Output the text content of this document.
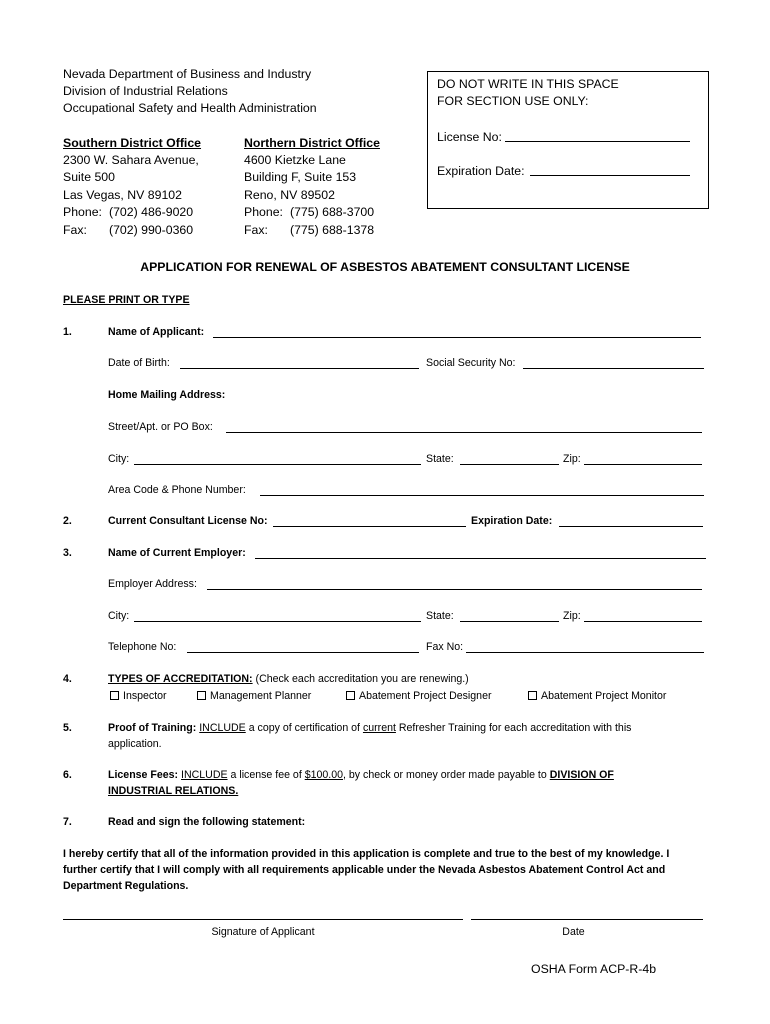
Nevada Department of Business and Industry
Division of Industrial Relations
Occupational Safety and Health Administration
Southern District Office
2300 W. Sahara Avenue,
Suite 500
Las Vegas, NV 89102
Phone: (702) 486-9020
Fax: (702) 990-0360
Northern District Office
4600 Kietzke Lane
Building F, Suite 153
Reno, NV 89502
Phone: (775) 688-3700
Fax: (775) 688-1378
DO NOT WRITE IN THIS SPACE
FOR SECTION USE ONLY:
License No:
Expiration Date:
APPLICATION FOR RENEWAL OF ASBESTOS ABATEMENT CONSULTANT LICENSE
PLEASE PRINT OR TYPE
1.	Name of Applicant:
Date of Birth:	Social Security No:
Home Mailing Address:
Street/Apt. or PO Box:
City:	State:	Zip:
Area Code & Phone Number:
2.	Current Consultant License No:	Expiration Date:
3.	Name of Current Employer:
Employer Address:
City:	State:	Zip:
Telephone No:	Fax No:
4.	TYPES OF ACCREDITATION: (Check each accreditation you are renewing.)
Inspector	Management Planner	Abatement Project Designer	Abatement Project Monitor
5.	Proof of Training: INCLUDE a copy of certification of current Refresher Training for each accreditation with this
application.
6.	License Fees: INCLUDE a license fee of $100.00, by check or money order made payable to DIVISION OF
INDUSTRIAL RELATIONS.
7.	Read and sign the following statement:
I hereby certify that all of the information provided in this application is complete and true to the best of my knowledge. I
further certify that I will comply with all requirements applicable under the Nevada Asbestos Abatement Control Act and
Department Regulations.
Signature of Applicant	Date
OSHA Form ACP-R-4b
